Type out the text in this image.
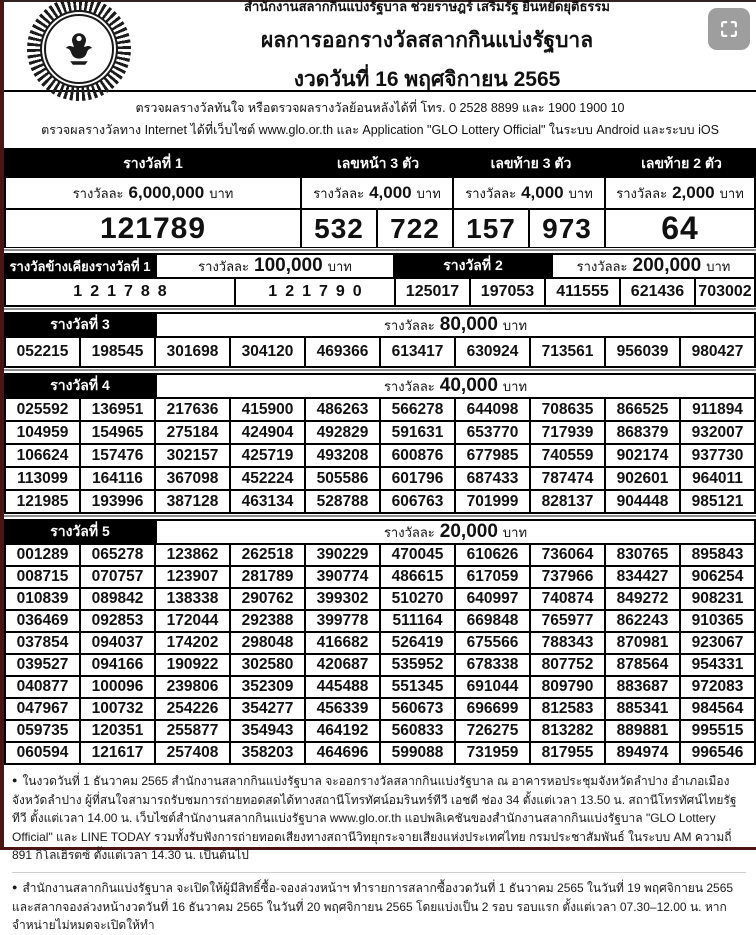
สำนักงานสลากกินแบ่งรัฐบาล ช่วยราษฎร์ เสริมรัฐ ยืนหยัดยุติธรรม
ผลการออกรางวัลสลากกินแบ่งรัฐบาล
งวดวันที่ 16 พฤศจิกายน 2565

ตรวจผลรางวัลทันใจ หรือตรวจผลรางวัลย้อนหลังได้ที่ โทร. 0 2528 8899 และ 1900 1900 10

ตรวจผลรางวัลทาง Internet ได้ที่เว็บไซต์ www.glo.or.th และ Application "GLO Lottery Official" ในระบบ Android และระบบ iOS

รางวัลที่ 1	เลขหน้า 3 ตัว	เลขท้าย 3 ตัว	เลขท้าย 2 ตัว
รางวัลละ 6,000,000 บาท	รางวัลละ 4,000 บาท รางวัลละ 4,000 บาท รางวัลละ 2,000 บาท
121789	532 722 157 973	64
รางวัลข้างเคียงรางวัลที่ 1	รางวัลละ 100,000 บาท	รางวัลที่ 2	รางวัลละ 200,000 บาท
121788	121790	125017	197053	411555	621436 703002
รางวัลที่ 3	รางวัลละ 80,000 บาท
052215	198545	301698	304120	469366	613417	630924	713561	956039	980427
รางวัลที่ 4	รางวัลละ 40,000 บาท
025592	136951	217636	415900	486263	566278	644098	708635	866525	911894
104959	154965	275184	424904	492829	591631	653770	717939	868379	932007
106624	157476	302157	425719	493208	600876	677985	740559	902174	937730
113099	164116	367098	452224	505586	601796	687433	787474	902601	964011
121985	193996	387128	463134	528788	606763	701999	828137	904448	985121
รางวัลที่ 5	รางวัลละ 20,000 บาท
001289	065278	123862	262518	390229	470045	610626	736064	830765	895843
008715	070757	123907	281789	390774	486615	617059	737966	834427	906254
010839	089842	138338	290762	399302	510270	640997	740874	849272	908231
036469	092853	172044	292388	399778	511164	669848	765977	862243	910365
037854	094037	174202	298048	416682	526419	675566	788343	870981	923067
039527	094166	190922	302580	420687	535952	678338	807752	878564	954331
040877	100096	239806	352309	445488	551345	691044	809790	883687	972083
047967	100732	254226	354277	456339	560673	696699	812583	885341	984564
059735	120351	255877	354943	464192	560833	726275	813282	889881	995515
060594	121617	257408	358203	464696	599088	731959	817955	894974	996546

● ในงวดวันที่ 1 ธันวาคม 2565 สำนักงานสลากกินแบ่งรัฐบาล จะออกรางวัลสลากกินแบ่งรัฐบาล ณ อาคารหอประชุมจังหวัดลำปาง อำเภอเมือง จังหวัดลำปาง ผู้ที่สนใจสามารถรับชมการถ่ายทอดสดได้ทางสถานีโทรทัศน์อมรินทร์ทีวี เอชดี ช่อง 34 ตั้งแต่เวลา 13.50 น. สถานีโทรทัศน์ไทยรัฐทีวี ตั้งแต่เวลา 14.00 น. เว็บไซต์สำนักงานสลากกินแบ่งรัฐบาล www.glo.or.th แอปพลิเคชันของสำนักงานสลากกินแบ่งรัฐบาล "GLO Lottery Official" และ LINE TODAY รวมทั้งรับฟังการถ่ายทอดเสียงทางสถานีวิทยุกระจายเสียงแห่งประเทศไทย กรมประชาสัมพันธ์ ในระบบ AM ความถี่ 891 กิโลเฮิรตซ์ ตั้งแต่เวลา 14.30 น. เป็นต้นไป

● สำนักงานสลากกินแบ่งรัฐบาล จะเปิดให้ผู้มีสิทธิ์ซื้อ-จองล่วงหน้าฯ ทำรายการสลากซื้องวดวันที่ 1 ธันวาคม 2565 ในวันที่ 19 พฤศจิกายน 2565 และสลากจองล่วงหน้างวดวันที่ 16 ธันวาคม 2565 ในวันที่ 20 พฤศจิกายน 2565 โดยแบ่งเป็น 2 รอบ รอบแรก ตั้งแต่เวลา 07.30–12.00 น. หากจำหน่ายไม่หมดจะเปิดให้ทำ
